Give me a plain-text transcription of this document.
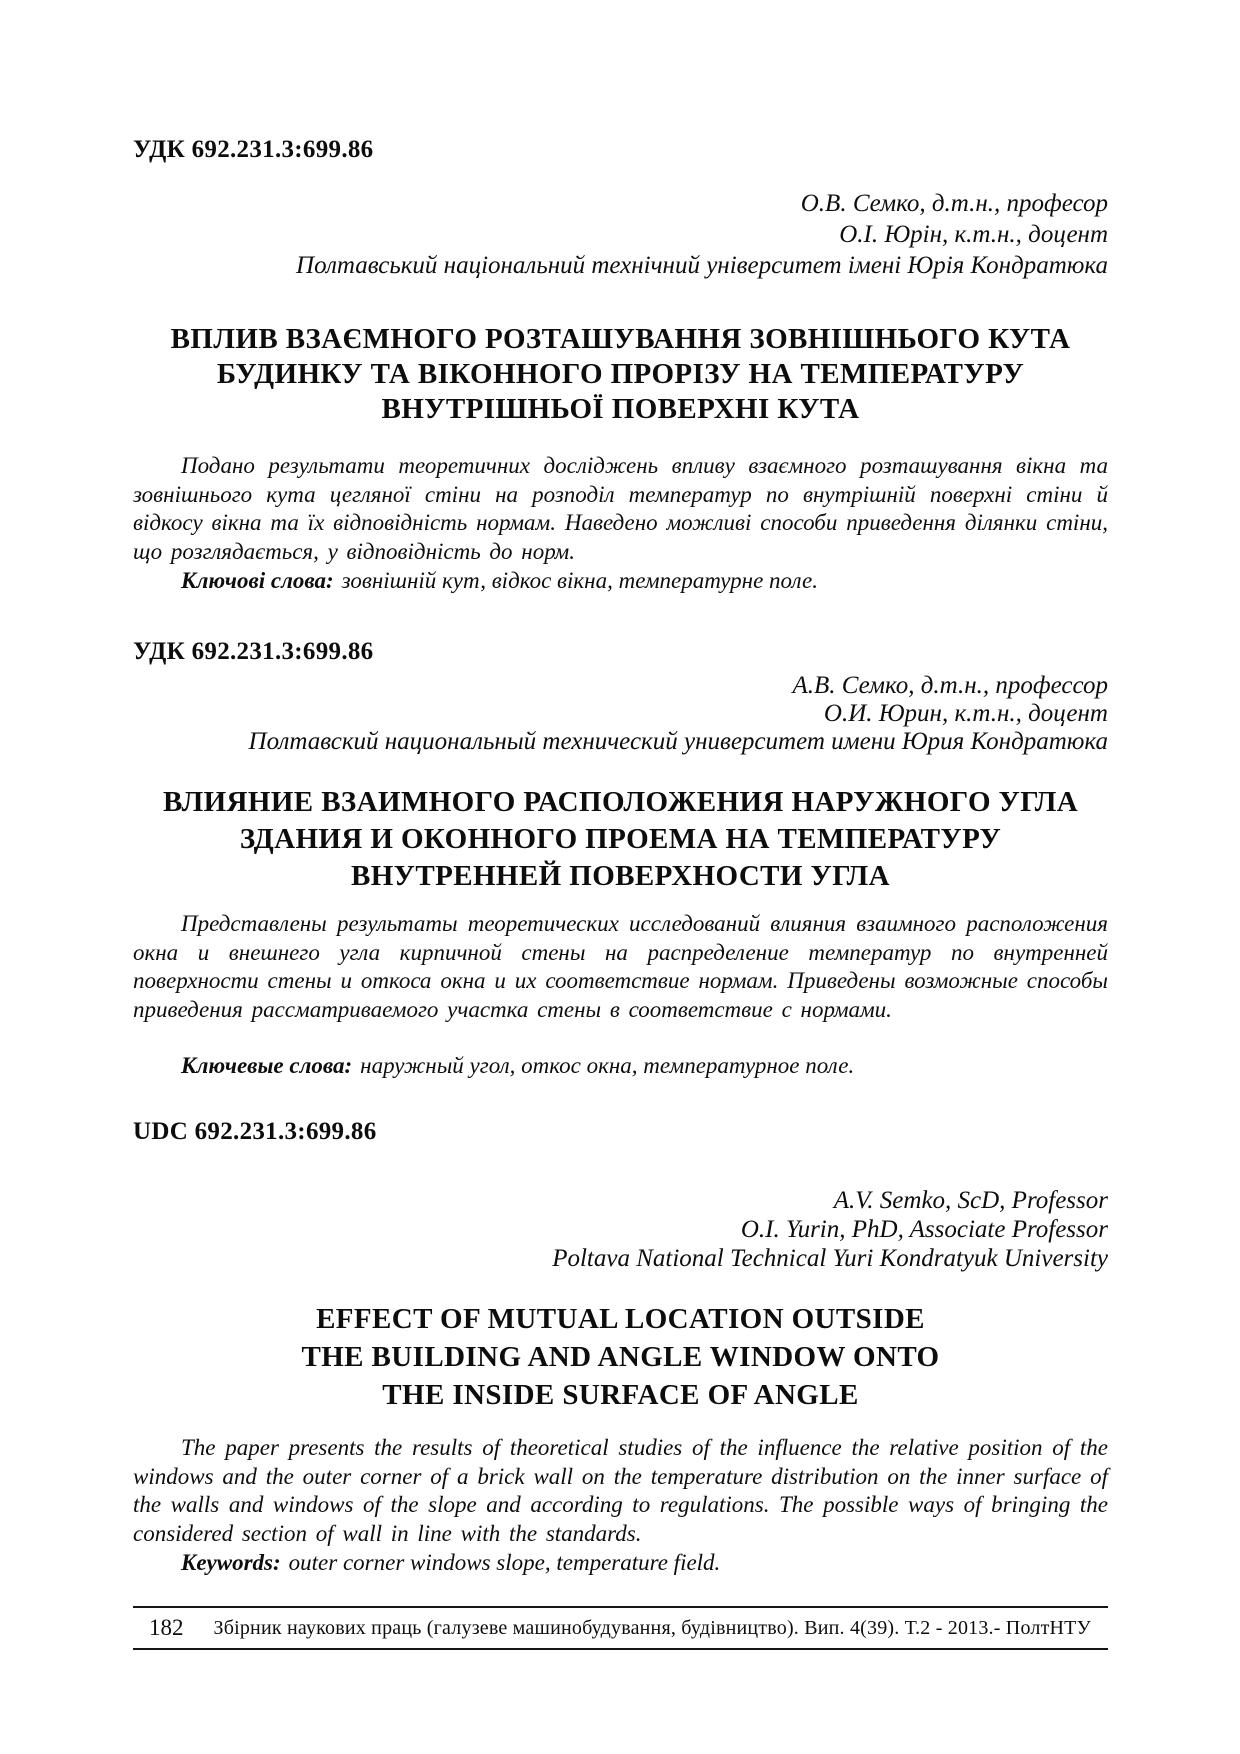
УДК 692.231.3:699.86
О.В. Семко, д.т.н., професор
О.І. Юрін, к.т.н., доцент
Полтавський національний технічний університет імені Юрія Кондратюка
ВПЛИВ ВЗАЄМНОГО РОЗТАШУВАННЯ ЗОВНІШНЬОГО КУТА
БУДИНКУ ТА ВІКОННОГО ПРОРІЗУ НА ТЕМПЕРАТУРУ
ВНУТРІШНЬОЇ ПОВЕРХНІ КУТА

Подано результати теоретичних досліджень впливу взаємного розташування вікна та зовнішнього кута цегляної стіни на розподіл температур по внутрішній поверхні стіни й відкосу вікна та їх відповідність нормам. Наведено можливі способи приведення ділянки стіни, що розглядається, у відповідність до норм.

Ключові слова: зовнішній кут, відкос вікна, температурне поле.

УДК 692.231.3:699.86
А.В. Семко, д.т.н., профессор
О.И. Юрин, к.т.н., доцент
Полтавский национальный технический университет имени Юрия Кондратюка
ВЛИЯНИЕ ВЗАИМНОГО РАСПОЛОЖЕНИЯ НАРУЖНОГО УГЛА
ЗДАНИЯ И ОКОННОГО ПРОЕМА НА ТЕМПЕРАТУРУ
ВНУТРЕННЕЙ ПОВЕРХНОСТИ УГЛА

Представлены результаты теоретических исследований влияния взаимного расположения окна и внешнего угла кирпичной стены на распределение температур по внутренней поверхности стены и откоса окна и их соответствие нормам. Приведены возможные способы приведения рассматриваемого участка стены в соответствие с нормами.

Ключевые слова: наружный угол, откос окна, температурное поле.

UDC 692.231.3:699.86
A.V. Semko, ScD, Professor
O.I. Yurin, PhD, Associate Professor
Poltava National Technical Yuri Kondratyuk University
EFFECT OF MUTUAL LOCATION OUTSIDE
THE BUILDING AND ANGLE WINDOW ONTO
THE INSIDE SURFACE OF ANGLE

The paper presents the results of theoretical studies of the influence the relative position of the windows and the outer corner of a brick wall on the temperature distribution on the inner surface of the walls and windows of the slope and according to regulations. The possible ways of bringing the considered section of wall in line with the standards.

Keywords: outer corner windows slope, temperature field.

182 Збірник наукових праць (галузеве машинобудування, будівництво). Вип. 4(39). Т.2 - 2013.- ПолтНТУ
